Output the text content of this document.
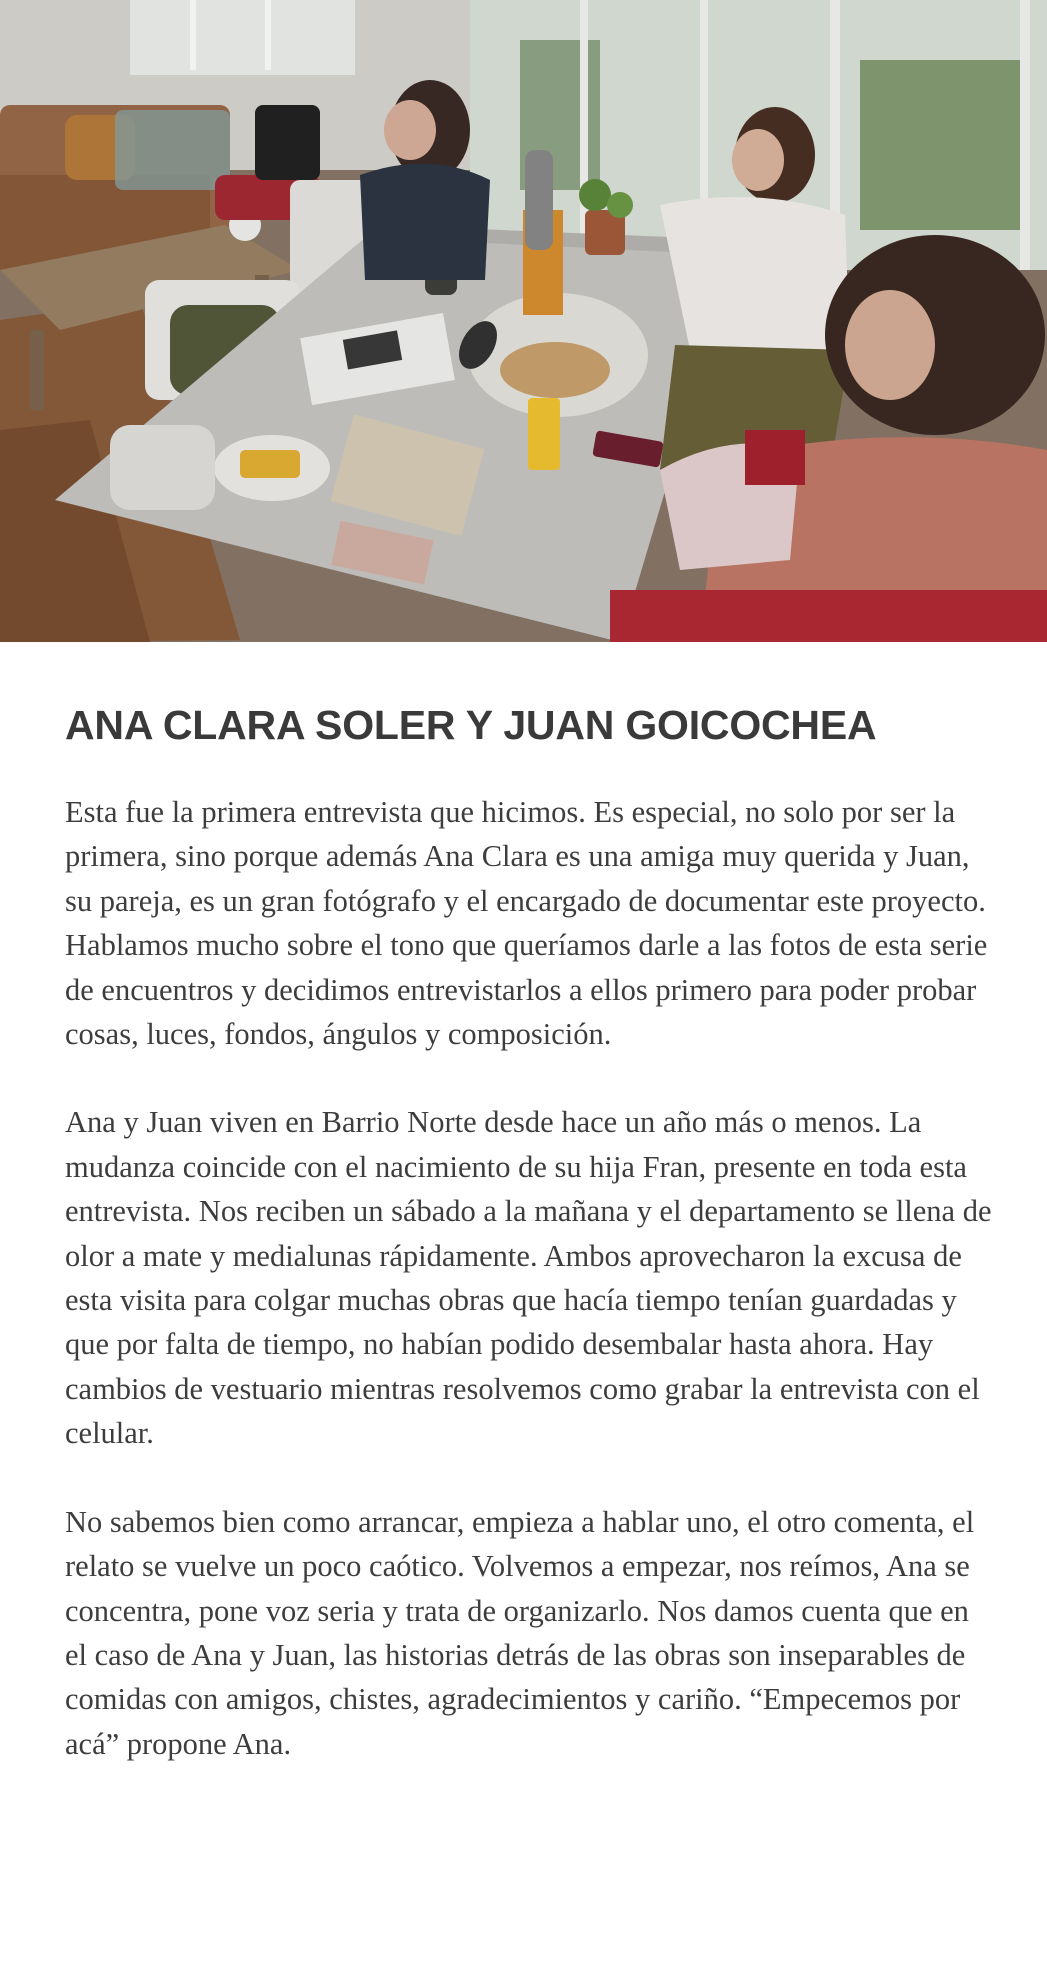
ANA CLARA SOLER Y JUAN GOICOCHEA

Esta fue la primera entrevista que hicimos. Es especial, no solo por ser la primera, sino porque además Ana Clara es una amiga muy querida y Juan, su pareja, es un gran fotógrafo y el encargado de documentar este proyecto. Hablamos mucho sobre el tono que queríamos darle a las fotos de esta serie de encuentros y decidimos entrevistarlos a ellos primero para poder probar cosas, luces, fondos, ángulos y composición.

Ana y Juan viven en Barrio Norte desde hace un año más o menos. La mudanza coincide con el nacimiento de su hija Fran, presente en toda esta entrevista. Nos reciben un sábado a la mañana y el departamento se llena de olor a mate y medialunas rápidamente. Ambos aprovecharon la excusa de esta visita para colgar muchas obras que hacía tiempo tenían guardadas y que por falta de tiempo, no habían podido desembalar hasta ahora. Hay cambios de vestuario mientras resolvemos como grabar la entrevista con el celular.

No sabemos bien como arrancar, empieza a hablar uno, el otro comenta, el relato se vuelve un poco caótico. Volvemos a empezar, nos reímos, Ana se concentra, pone voz seria y trata de organizarlo. Nos damos cuenta que en el caso de Ana y Juan, las historias detrás de las obras son inseparables de comidas con amigos, chistes, agradecimientos y cariño. “Empecemos por acá” propone Ana.
